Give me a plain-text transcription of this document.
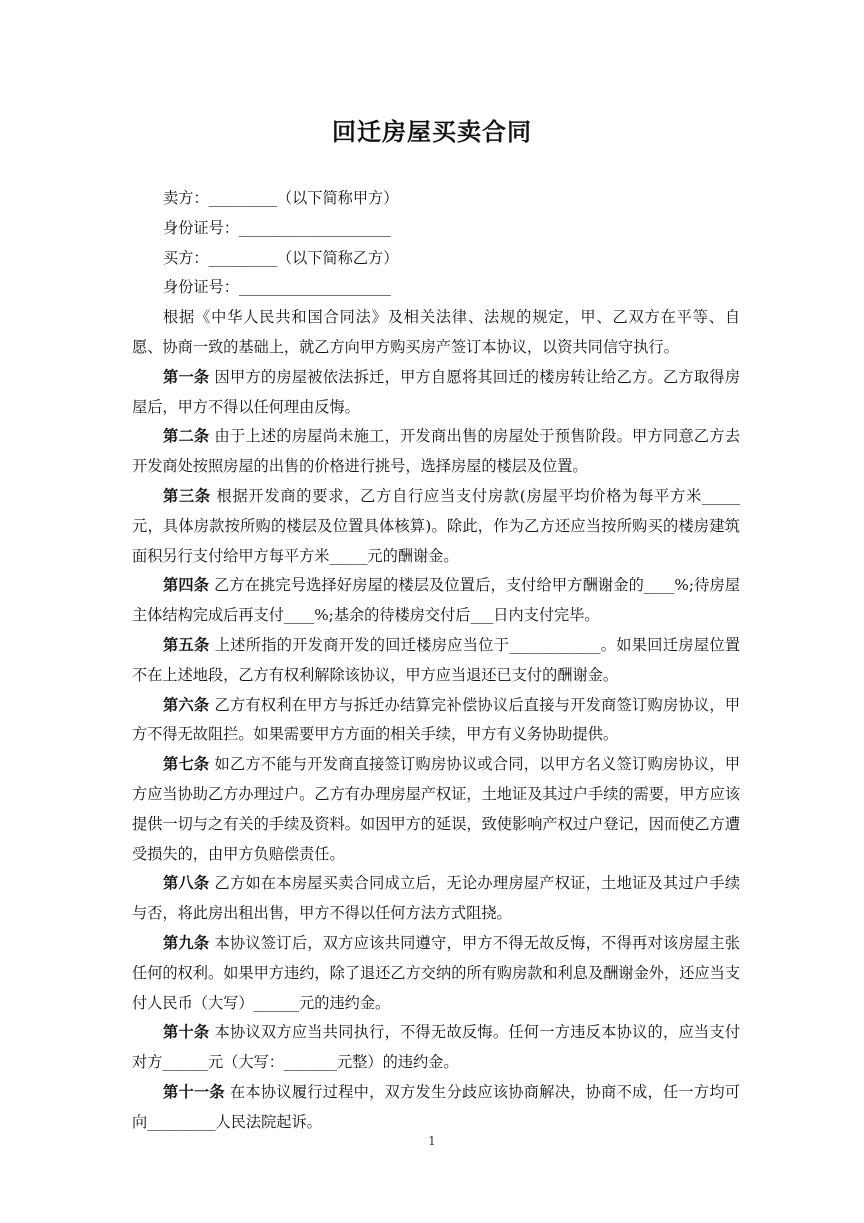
回迁房屋买卖合同
卖方：_________（以下简称甲方）
身份证号：____________________
买方：_________（以下简称乙方）
身份证号：____________________
根据《中华人民共和国合同法》及相关法律、法规的规定，甲、乙双方在平等、自愿、协商一致的基础上，就乙方向甲方购买房产签订本协议，以资共同信守执行。
第一条 因甲方的房屋被依法拆迁，甲方自愿将其回迁的楼房转让给乙方。乙方取得房屋后，甲方不得以任何理由反悔。
第二条 由于上述的房屋尚未施工，开发商出售的房屋处于预售阶段。甲方同意乙方去开发商处按照房屋的出售的价格进行挑号，选择房屋的楼层及位置。
第三条 根据开发商的要求，乙方自行应当支付房款(房屋平均价格为每平方米_____元，具体房款按所购的楼层及位置具体核算)。除此，作为乙方还应当按所购买的楼房建筑面积另行支付给甲方每平方米_____元的酬谢金。
第四条 乙方在挑完号选择好房屋的楼层及位置后，支付给甲方酬谢金的____%;待房屋主体结构完成后再支付____%;基余的待楼房交付后___日内支付完毕。
第五条 上述所指的开发商开发的回迁楼房应当位于____________。如果回迁房屋位置不在上述地段，乙方有权利解除该协议，甲方应当退还已支付的酬谢金。
第六条 乙方有权利在甲方与拆迁办结算完补偿协议后直接与开发商签订购房协议，甲方不得无故阻拦。如果需要甲方方面的相关手续，甲方有义务协助提供。
第七条 如乙方不能与开发商直接签订购房协议或合同，以甲方名义签订购房协议，甲方应当协助乙方办理过户。乙方有办理房屋产权证，土地证及其过户手续的需要，甲方应该提供一切与之有关的手续及资料。如因甲方的延误，致使影响产权过户登记，因而使乙方遭受损失的，由甲方负赔偿责任。
第八条 乙方如在本房屋买卖合同成立后，无论办理房屋产权证，土地证及其过户手续与否，将此房出租出售，甲方不得以任何方法方式阻挠。
第九条 本协议签订后，双方应该共同遵守，甲方不得无故反悔，不得再对该房屋主张任何的权利。如果甲方违约，除了退还乙方交纳的所有购房款和利息及酬谢金外，还应当支付人民币（大写）______元的违约金。
第十条 本协议双方应当共同执行，不得无故反悔。任何一方违反本协议的，应当支付对方______元（大写：_______元整）的违约金。
第十一条 在本协议履行过程中，双方发生分歧应该协商解决，协商不成，任一方均可向_________人民法院起诉。
1
